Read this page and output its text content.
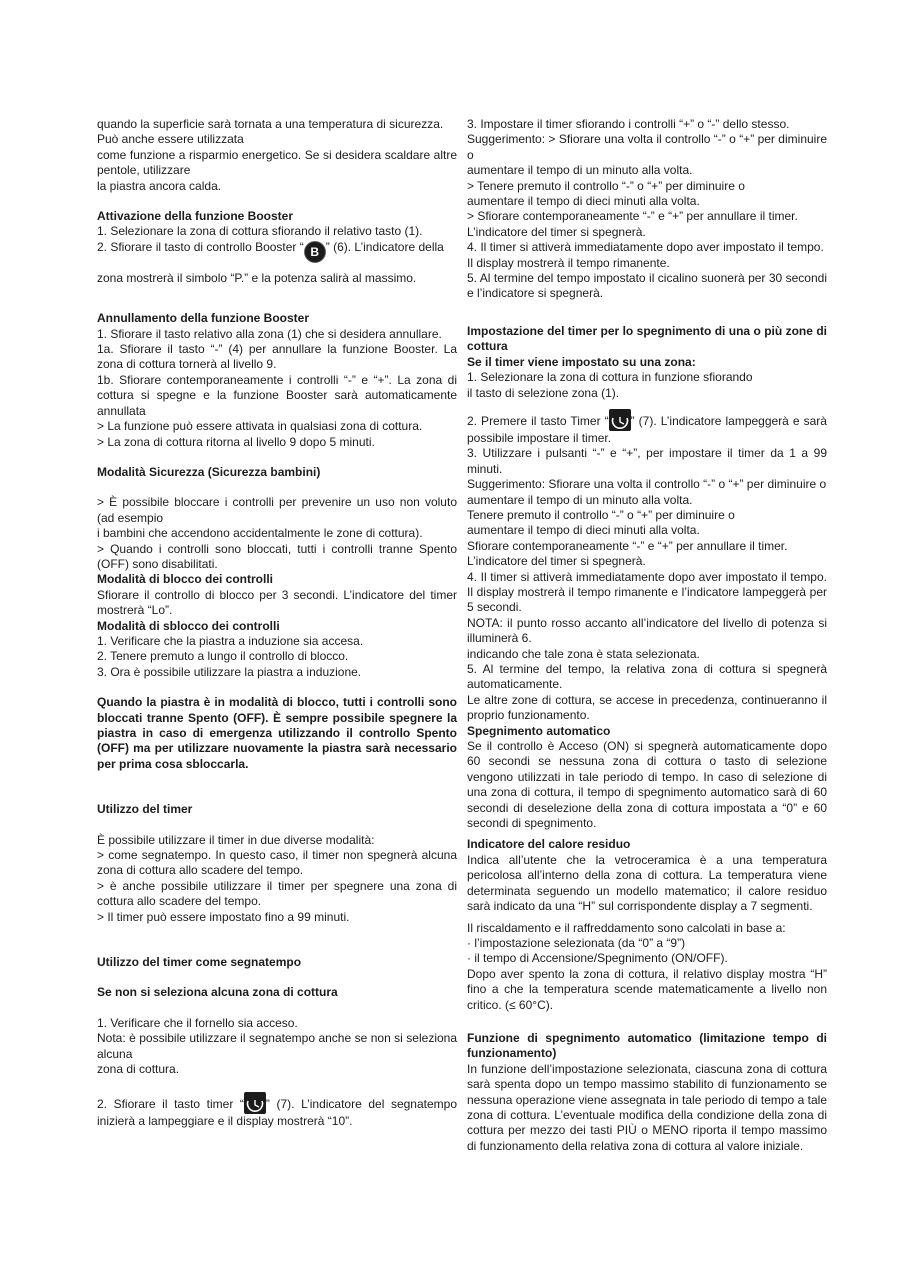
quando la superficie sarà tornata a una temperatura di sicurezza.

Può anche essere utilizzata

come funzione a risparmio energetico. Se si desidera scaldare altre pentole, utilizzare

la piastra ancora calda.

Attivazione della funzione Booster

1. Selezionare la zona di cottura sfiorando il relativo tasto (1).

2. Sfiorare il tasto di controllo Booster “ B ” (6). L’indicatore della

zona mostrerà il simbolo “P.” e la potenza salirà al massimo.

Annullamento della funzione Booster

1. Sfiorare il tasto relativo alla zona (1) che si desidera annullare.

1a. Sfiorare il tasto “-” (4) per annullare la funzione Booster. La zona di cottura tornerà al livello 9.

1b. Sfiorare contemporaneamente i controlli “-” e “+”. La zona di cottura si spegne e la funzione Booster sarà automaticamente annullata

> La funzione può essere attivata in qualsiasi zona di cottura.

> La zona di cottura ritorna al livello 9 dopo 5 minuti.

Modalità Sicurezza (Sicurezza bambini)

> È possibile bloccare i controlli per prevenire un uso non voluto (ad esempio

i bambini che accendono accidentalmente le zone di cottura).

> Quando i controlli sono bloccati, tutti i controlli tranne Spento (OFF) sono disabilitati.

Modalità di blocco dei controlli

Sfiorare il controllo di blocco per 3 secondi. L’indicatore del timer mostrerà “Lo”.

Modalità di sblocco dei controlli

1. Verificare che la piastra a induzione sia accesa.

2. Tenere premuto a lungo il controllo di blocco.

3. Ora è possibile utilizzare la piastra a induzione.

Quando la piastra è in modalità di blocco, tutti i controlli sono bloccati tranne Spento (OFF). È sempre possibile spegnere la piastra in caso di emergenza utilizzando il controllo Spento (OFF) ma per utilizzare nuovamente la piastra sarà necessario per prima cosa sbloccarla.

Utilizzo del timer

È possibile utilizzare il timer in due diverse modalità:

> come segnatempo. In questo caso, il timer non spegnerà alcuna zona di cottura allo scadere del tempo.

> è anche possibile utilizzare il timer per spegnere una zona di cottura allo scadere del tempo.

> Il timer può essere impostato fino a 99 minuti.

Utilizzo del timer come segnatempo
Se non si seleziona alcuna zona di cottura

1. Verificare che il fornello sia acceso.

Nota: è possibile utilizzare il segnatempo anche se non si seleziona alcuna

zona di cottura.

2. Sfiorare il tasto timer “ ” (7). L’indicatore del segnatempo inizierà a lampeggiare e il display mostrerà “10”.

3. Impostare il timer sfiorando i controlli “+” o “-” dello stesso.

Suggerimento: > Sfiorare una volta il controllo “-” o “+” per diminuire o

aumentare il tempo di un minuto alla volta.

> Tenere premuto il controllo “-” o “+” per diminuire o

aumentare il tempo di dieci minuti alla volta.

> Sfiorare contemporaneamente “-” e “+” per annullare il timer.

L’indicatore del timer si spegnerà.

4. Il timer si attiverà immediatamente dopo aver impostato il tempo.

Il display mostrerà il tempo rimanente.

5. Al termine del tempo impostato il cicalino suonerà per 30 secondi e l’indicatore si spegnerà.

Impostazione del timer per lo spegnimento di una o più zone di cottura
Se il timer viene impostato su una zona:

1. Selezionare la zona di cottura in funzione sfiorando

il tasto di selezione zona (1).

2. Premere il tasto Timer “ ” (7). L’indicatore lampeggerà e sarà possibile impostare il timer.

3. Utilizzare i pulsanti “-” e “+”, per impostare il timer da 1 a 99 minuti.

Suggerimento: Sfiorare una volta il controllo “-” o “+” per diminuire o

aumentare il tempo di un minuto alla volta.

Tenere premuto il controllo “-” o “+” per diminuire o

aumentare il tempo di dieci minuti alla volta.

Sfiorare contemporaneamente “-” e “+” per annullare il timer.

L’indicatore del timer si spegnerà.

4. Il timer si attiverà immediatamente dopo aver impostato il tempo. Il display mostrerà il tempo rimanente e l’indicatore lampeggerà per 5 secondi.

NOTA: il punto rosso accanto all’indicatore del livello di potenza si illuminerà 6.

indicando che tale zona è stata selezionata.

5. Al termine del tempo, la relativa zona di cottura si spegnerà automaticamente.

Le altre zone di cottura, se accese in precedenza, continueranno il proprio funzionamento.

Spegnimento automatico

Se il controllo è Acceso (ON) si spegnerà automaticamente dopo 60 secondi se nessuna zona di cottura o tasto di selezione vengono utilizzati in tale periodo di tempo. In caso di selezione di una zona di cottura, il tempo di spegnimento automatico sarà di 60 secondi di deselezione della zona di cottura impostata a “0” e 60 secondi di spegnimento.

Indicatore del calore residuo

Indica all’utente che la vetroceramica è a una temperatura pericolosa all’interno della zona di cottura. La temperatura viene determinata seguendo un modello matematico; il calore residuo sarà indicato da una “H” sul corrispondente display a 7 segmenti.

Il riscaldamento e il raffreddamento sono calcolati in base a:

· l’impostazione selezionata (da “0” a “9”)

· il tempo di Accensione/Spegnimento (ON/OFF).

Dopo aver spento la zona di cottura, il relativo display mostra “H” fino a che la temperatura scende matematicamente a livello non critico. (≤ 60°C).

Funzione di spegnimento automatico (limitazione tempo di funzionamento)

In funzione dell’impostazione selezionata, ciascuna zona di cottura sarà spenta dopo un tempo massimo stabilito di funzionamento se nessuna operazione viene assegnata in tale periodo di tempo a tale zona di cottura. L’eventuale modifica della condizione della zona di cottura per mezzo dei tasti PIÙ o MENO riporta il tempo massimo di funzionamento della relativa zona di cottura al valore iniziale.
